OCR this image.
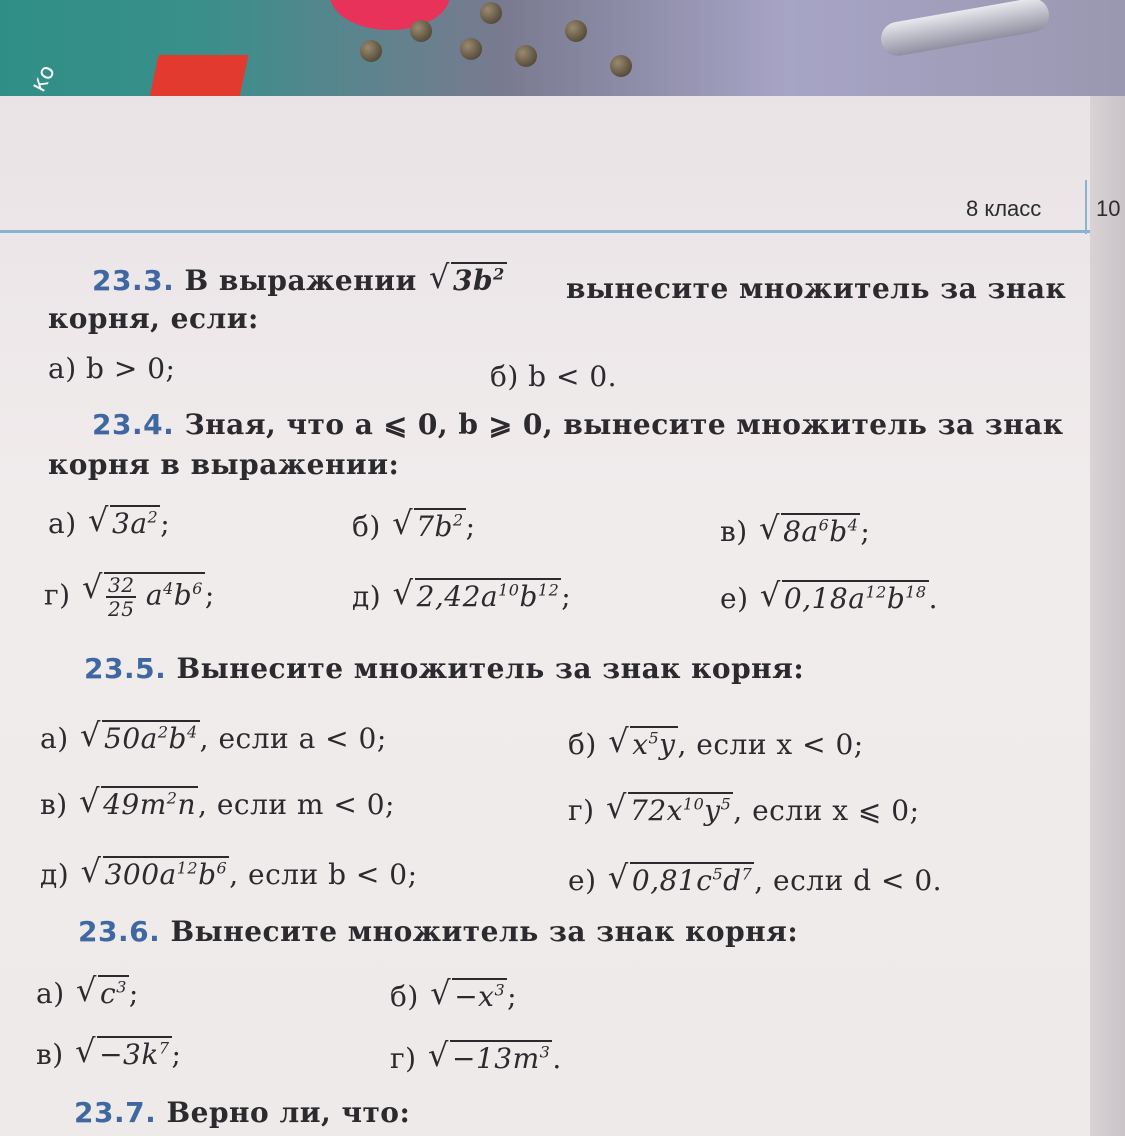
ко
8 класс 10
23.3. В выражении √ $3b^2$ вынесите множитель за знак
корня, если:
а) b > 0;	б) b < 0.
23.4. Зная, что a ⩽ 0, b ⩾ 0, вынесите множитель за знак
корня в выражении:
а) √ $3a^2$;	б) √ $7b^2$;	в) √ $8a^6b^4$;
г) √ $\frac{32}{25} a^4b^6$;	д) √ $2,42a^{10}b^{12}$;	е) √ $0,18a^{12}b^{18}$.
23.5. Вынесите множитель за знак корня:
а) √ $50a^2b^4$, если a < 0;	б) √ $x^5y$, если x < 0;
в) √ $49m^2n$, если m < 0;	г) √ $72x^{10}y^5$, если x ⩽ 0;
д) √ $300a^{12}b^6$, если b < 0;	е) √ $0,81c^5d^7$, если d < 0.
23.6. Вынесите множитель за знак корня:
а) √ $c^3$;	б) √ $-x^3$;
в) √ $-3k^7$;	г) √ $-13m^3$.
23.7. Верно ли, что:
